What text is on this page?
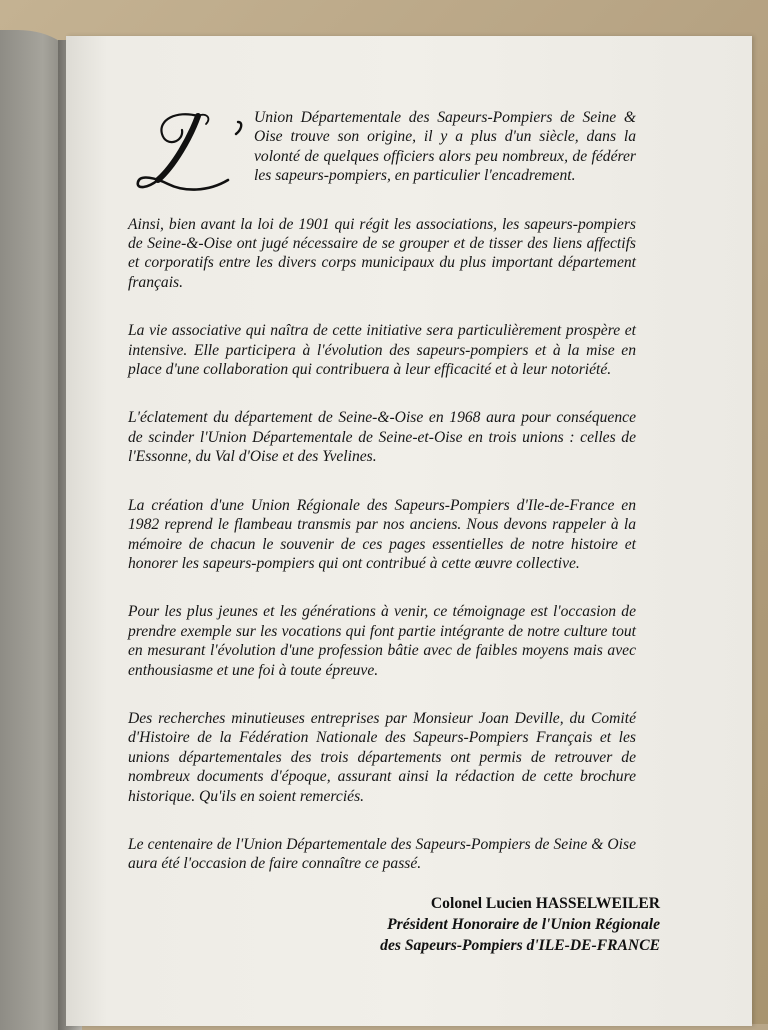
Union Départementale des Sapeurs-Pompiers de Seine & Oise trouve son origine, il y a plus d'un siècle, dans la volonté de quelques officiers alors peu nombreux, de fédérer les sapeurs-pompiers, en particulier l'encadrement.

Ainsi, bien avant la loi de 1901 qui régit les associations, les sapeurs-pompiers de Seine-&-Oise ont jugé nécessaire de se grouper et de tisser des liens affectifs et corporatifs entre les divers corps municipaux du plus important département français.

La vie associative qui naîtra de cette initiative sera particulièrement prospère et intensive. Elle participera à l'évolution des sapeurs-pompiers et à la mise en place d'une collaboration qui contribuera à leur efficacité et à leur notoriété.

L'éclatement du département de Seine-&-Oise en 1968 aura pour conséquence de scinder l'Union Départementale de Seine-et-Oise en trois unions : celles de l'Essonne, du Val d'Oise et des Yvelines.

La création d'une Union Régionale des Sapeurs-Pompiers d'Ile-de-France en 1982 reprend le flambeau transmis par nos anciens. Nous devons rappeler à la mémoire de chacun le souvenir de ces pages essentielles de notre histoire et honorer les sapeurs-pompiers qui ont contribué à cette œuvre collective.

Pour les plus jeunes et les générations à venir, ce témoignage est l'occasion de prendre exemple sur les vocations qui font partie intégrante de notre culture tout en mesurant l'évolution d'une profession bâtie avec de faibles moyens mais avec enthousiasme et une foi à toute épreuve.

Des recherches minutieuses entreprises par Monsieur Joan Deville, du Comité d'Histoire de la Fédération Nationale des Sapeurs-Pompiers Français et les unions départementales des trois départements ont permis de retrouver de nombreux documents d'époque, assurant ainsi la rédaction de cette brochure historique. Qu'ils en soient remerciés.

Le centenaire de l'Union Départementale des Sapeurs-Pompiers de Seine & Oise aura été l'occasion de faire connaître ce passé.

Colonel Lucien HASSELWEILER
Président Honoraire de l'Union Régionale
des Sapeurs-Pompiers d'ILE-DE-FRANCE
